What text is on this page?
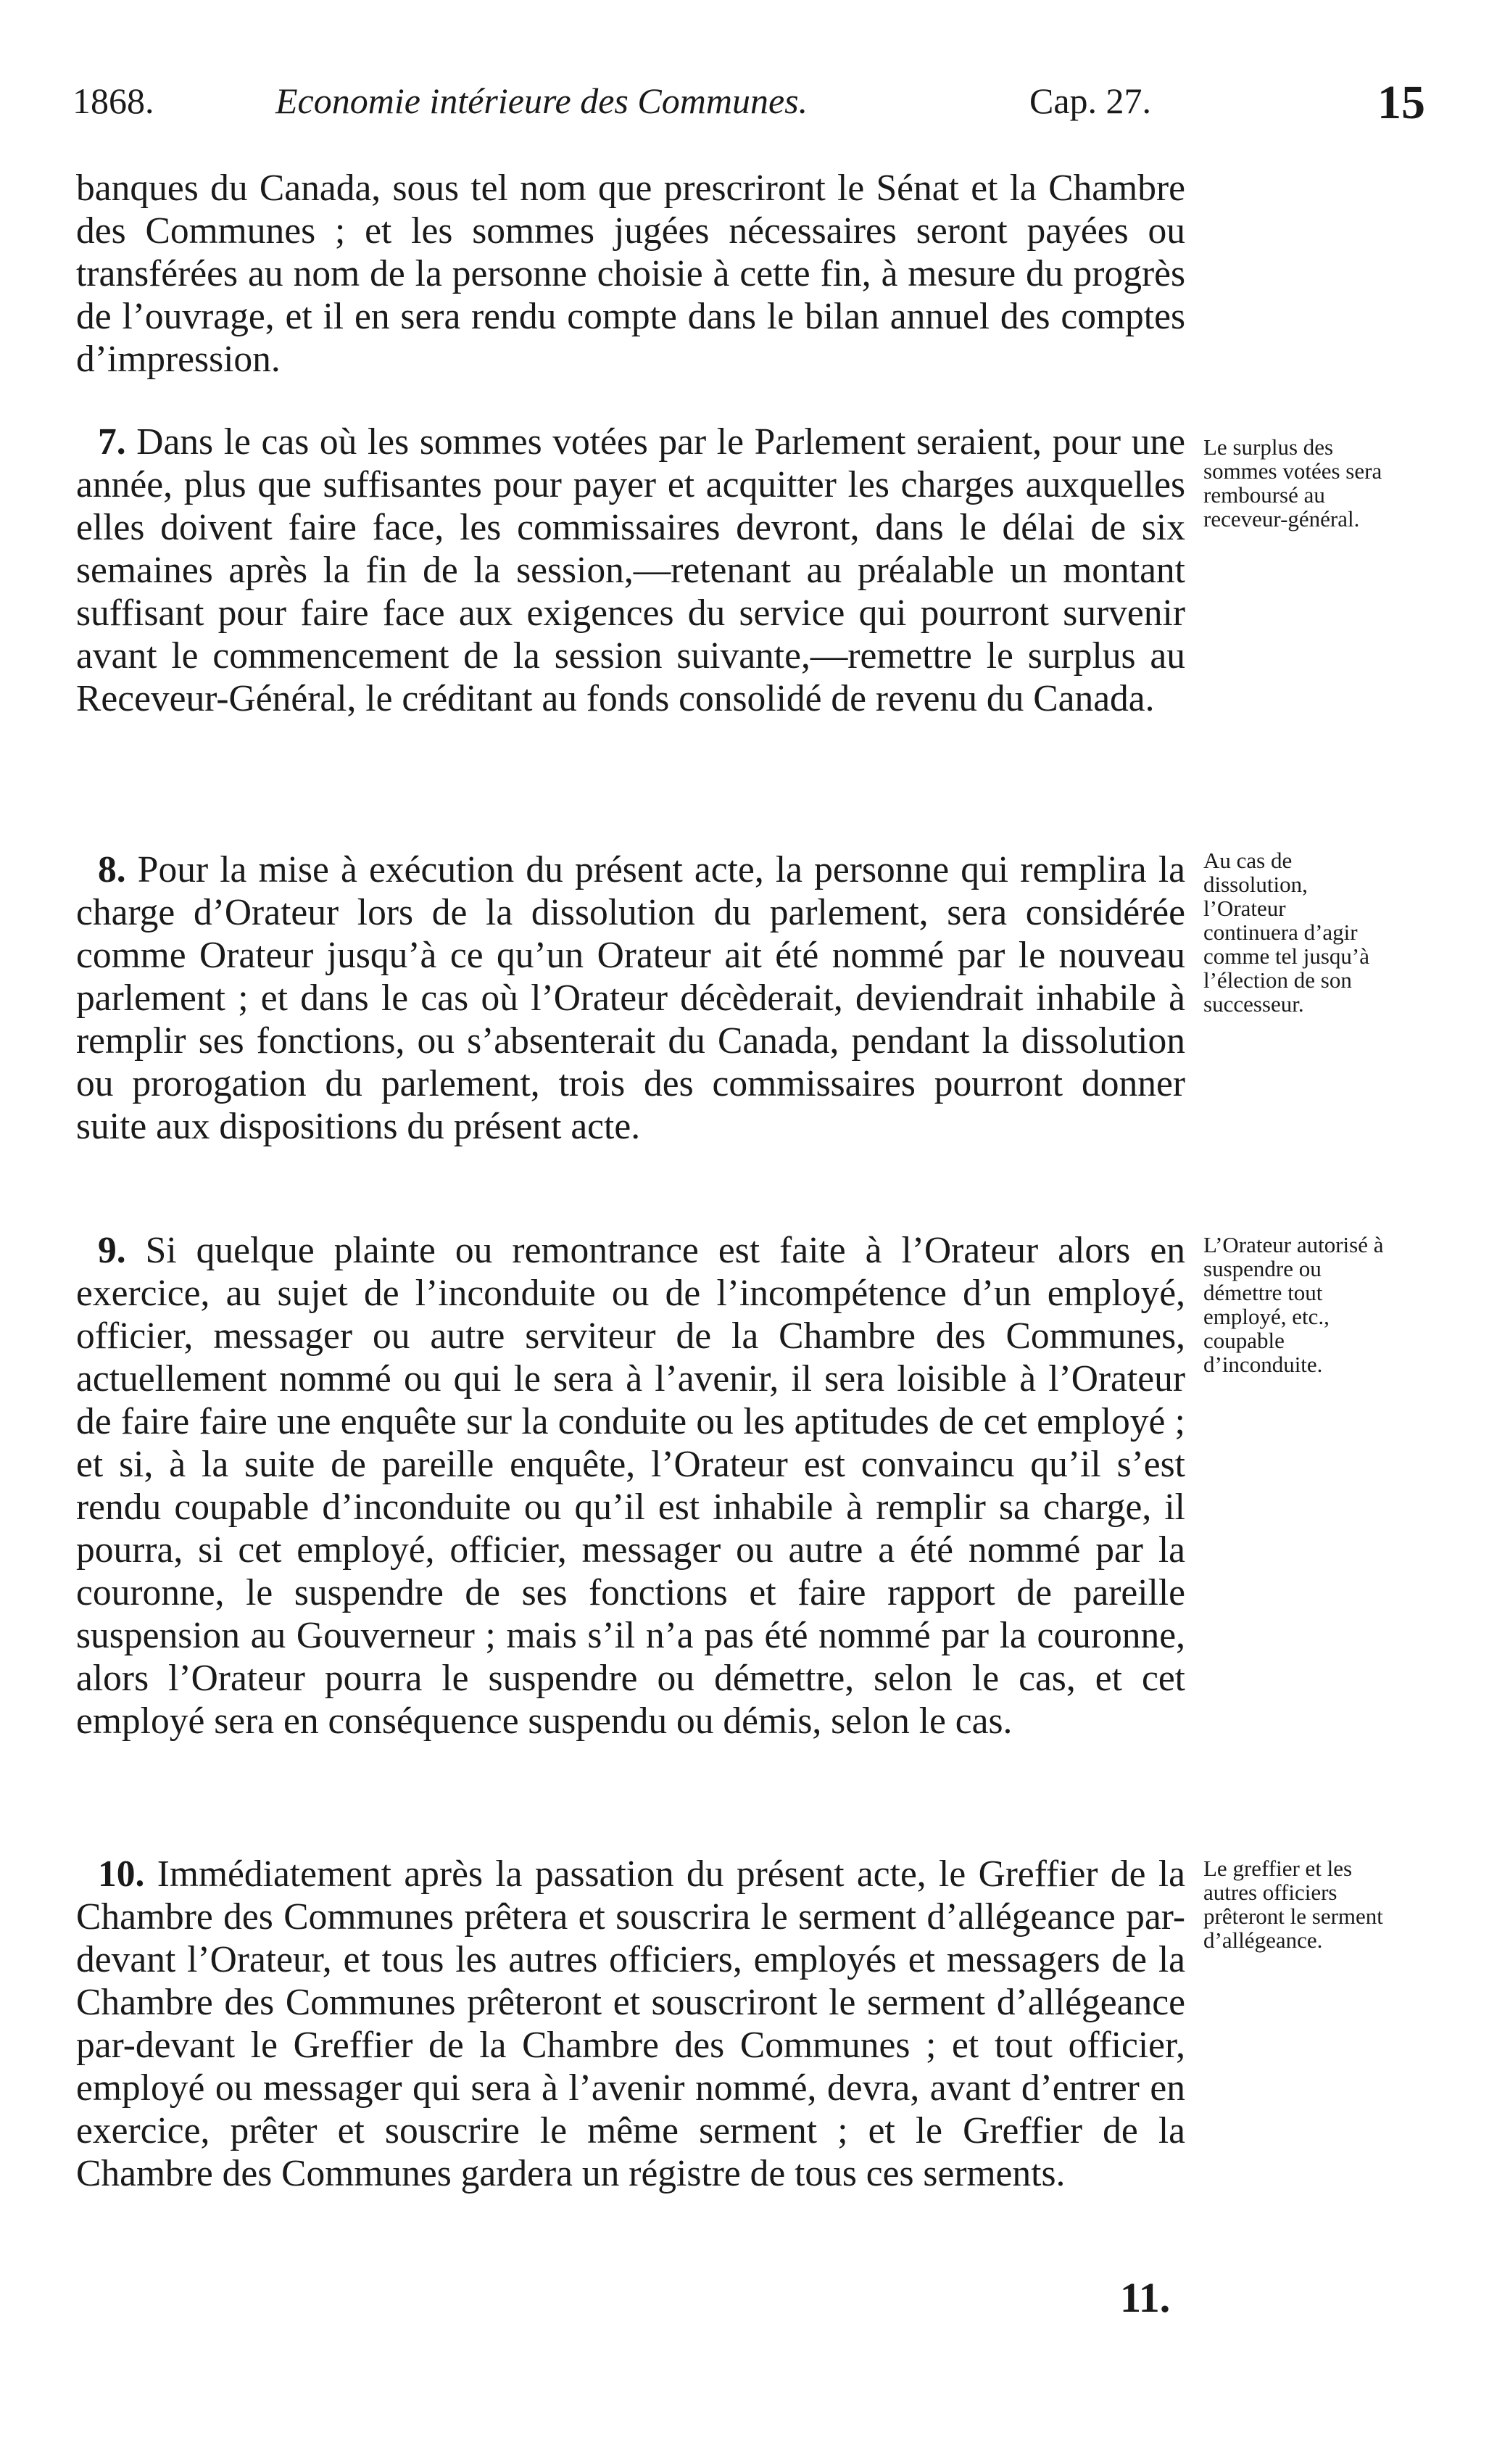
1868.	Economie intérieure des Communes.	Cap. 27.	15

banques du Canada, sous tel nom que prescriront le Sénat et la Chambre des Communes ; et les sommes jugées nécessaires seront payées ou transférées au nom de la personne choisie à cette fin, à mesure du progrès de l’ouvrage, et il en sera rendu compte dans le bilan annuel des comptes d’impression.

7. Dans le cas où les sommes votées par le Parlement seraient, pour une année, plus que suffisantes pour payer et acquitter les charges auxquelles elles doivent faire face, les commissaires devront, dans le délai de six semaines après la fin de la session,—retenant au préalable un montant suffisant pour faire face aux exigences du service qui pourront survenir avant le commencement de la session suivante,—remettre le surplus au Receveur-Général, le créditant au fonds consolidé de revenu du Canada.

Le surplus des sommes votées sera remboursé au receveur-général.

8. Pour la mise à exécution du présent acte, la personne qui remplira la charge d’Orateur lors de la dissolution du parlement, sera considérée comme Orateur jusqu’à ce qu’un Orateur ait été nommé par le nouveau parlement ; et dans le cas où l’Orateur décèderait, deviendrait inhabile à remplir ses fonctions, ou s’absenterait du Canada, pendant la dissolution ou prorogation du parlement, trois des commissaires pourront donner suite aux dispositions du présent acte.

Au cas de dissolution, l’Orateur continuera d’agir comme tel jusqu’à l’élection de son successeur.

9. Si quelque plainte ou remontrance est faite à l’Orateur alors en exercice, au sujet de l’inconduite ou de l’incompétence d’un employé, officier, messager ou autre serviteur de la Chambre des Communes, actuellement nommé ou qui le sera à l’avenir, il sera loisible à l’Orateur de faire faire une enquête sur la conduite ou les aptitudes de cet employé ; et si, à la suite de pareille enquête, l’Orateur est convaincu qu’il s’est rendu coupable d’inconduite ou qu’il est inhabile à remplir sa charge, il pourra, si cet employé, officier, messager ou autre a été nommé par la couronne, le suspendre de ses fonctions et faire rapport de pareille suspension au Gouverneur ; mais s’il n’a pas été nommé par la couronne, alors l’Orateur pourra le suspendre ou démettre, selon le cas, et cet employé sera en conséquence suspendu ou démis, selon le cas.

L’Orateur autorisé à suspendre ou démettre tout employé, etc., coupable d’inconduite.

10. Immédiatement après la passation du présent acte, le Greffier de la Chambre des Communes prêtera et souscrira le serment d’allégeance par-devant l’Orateur, et tous les autres officiers, employés et messagers de la Chambre des Communes prêteront et souscriront le serment d’allégeance par-devant le Greffier de la Chambre des Communes ; et tout officier, employé ou messager qui sera à l’avenir nommé, devra, avant d’entrer en exercice, prêter et souscrire le même serment ; et le Greffier de la Chambre des Communes gardera un régistre de tous ces serments.

Le greffier et les autres officiers prêteront le serment d’allégeance.

11.
